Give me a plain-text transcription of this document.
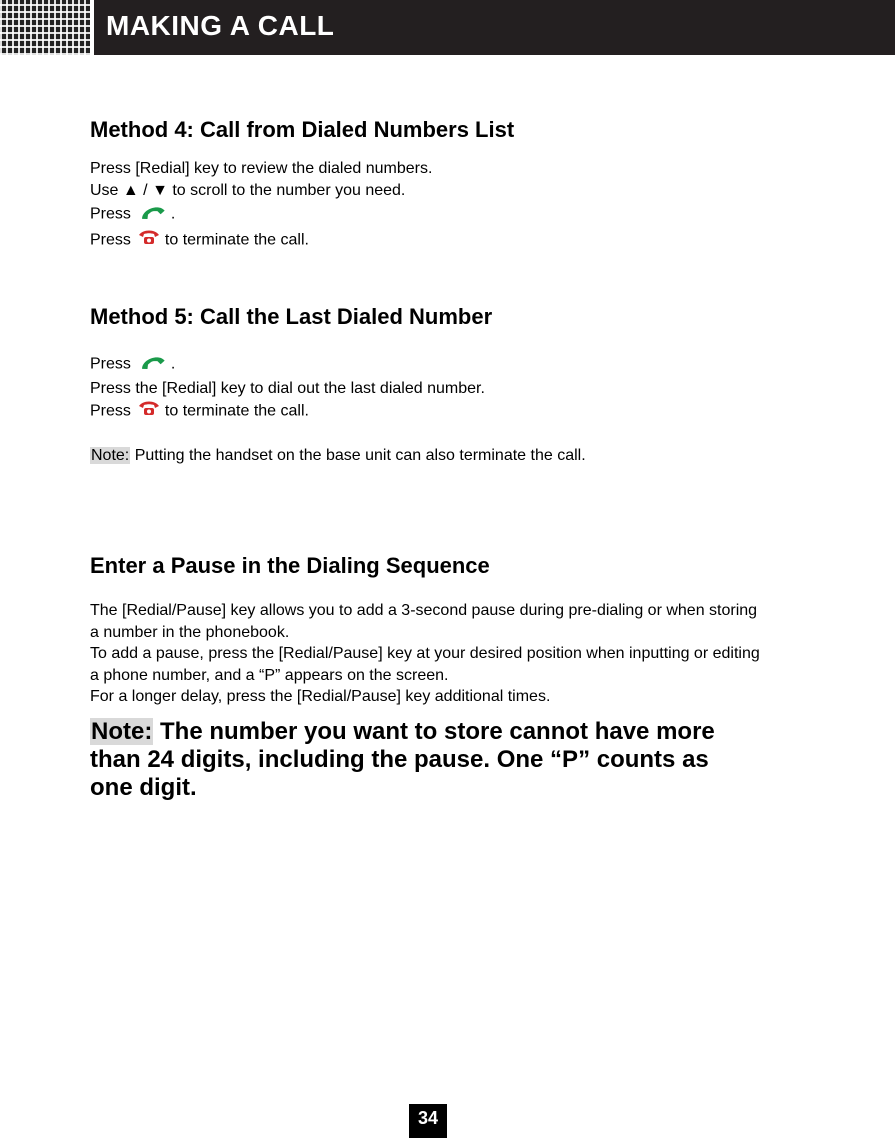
MAKING A CALL
Method 4: Call from Dialed Numbers List
Press [Redial] key to review the dialed numbers.
Use ▲ / ▼ to scroll to the number you need.
Press	.
Press to terminate the call.
Method 5: Call the Last Dialed Number
Press	.
Press the [Redial] key to dial out the last dialed number.
Press to terminate the call.
Note: Putting the handset on the base unit can also terminate the call.
Enter a Pause in the Dialing Sequence
The [Redial/Pause] key allows you to add a 3-second pause during pre-dialing or when storing a number in the phonebook.
To add a pause, press the [Redial/Pause] key at your desired position when inputting or editing a phone number, and a “P” appears on the screen.
For a longer delay, press the [Redial/Pause] key additional times.
Note: The number you want to store cannot have more than 24 digits, including the pause. One “P” counts as one digit.
34
